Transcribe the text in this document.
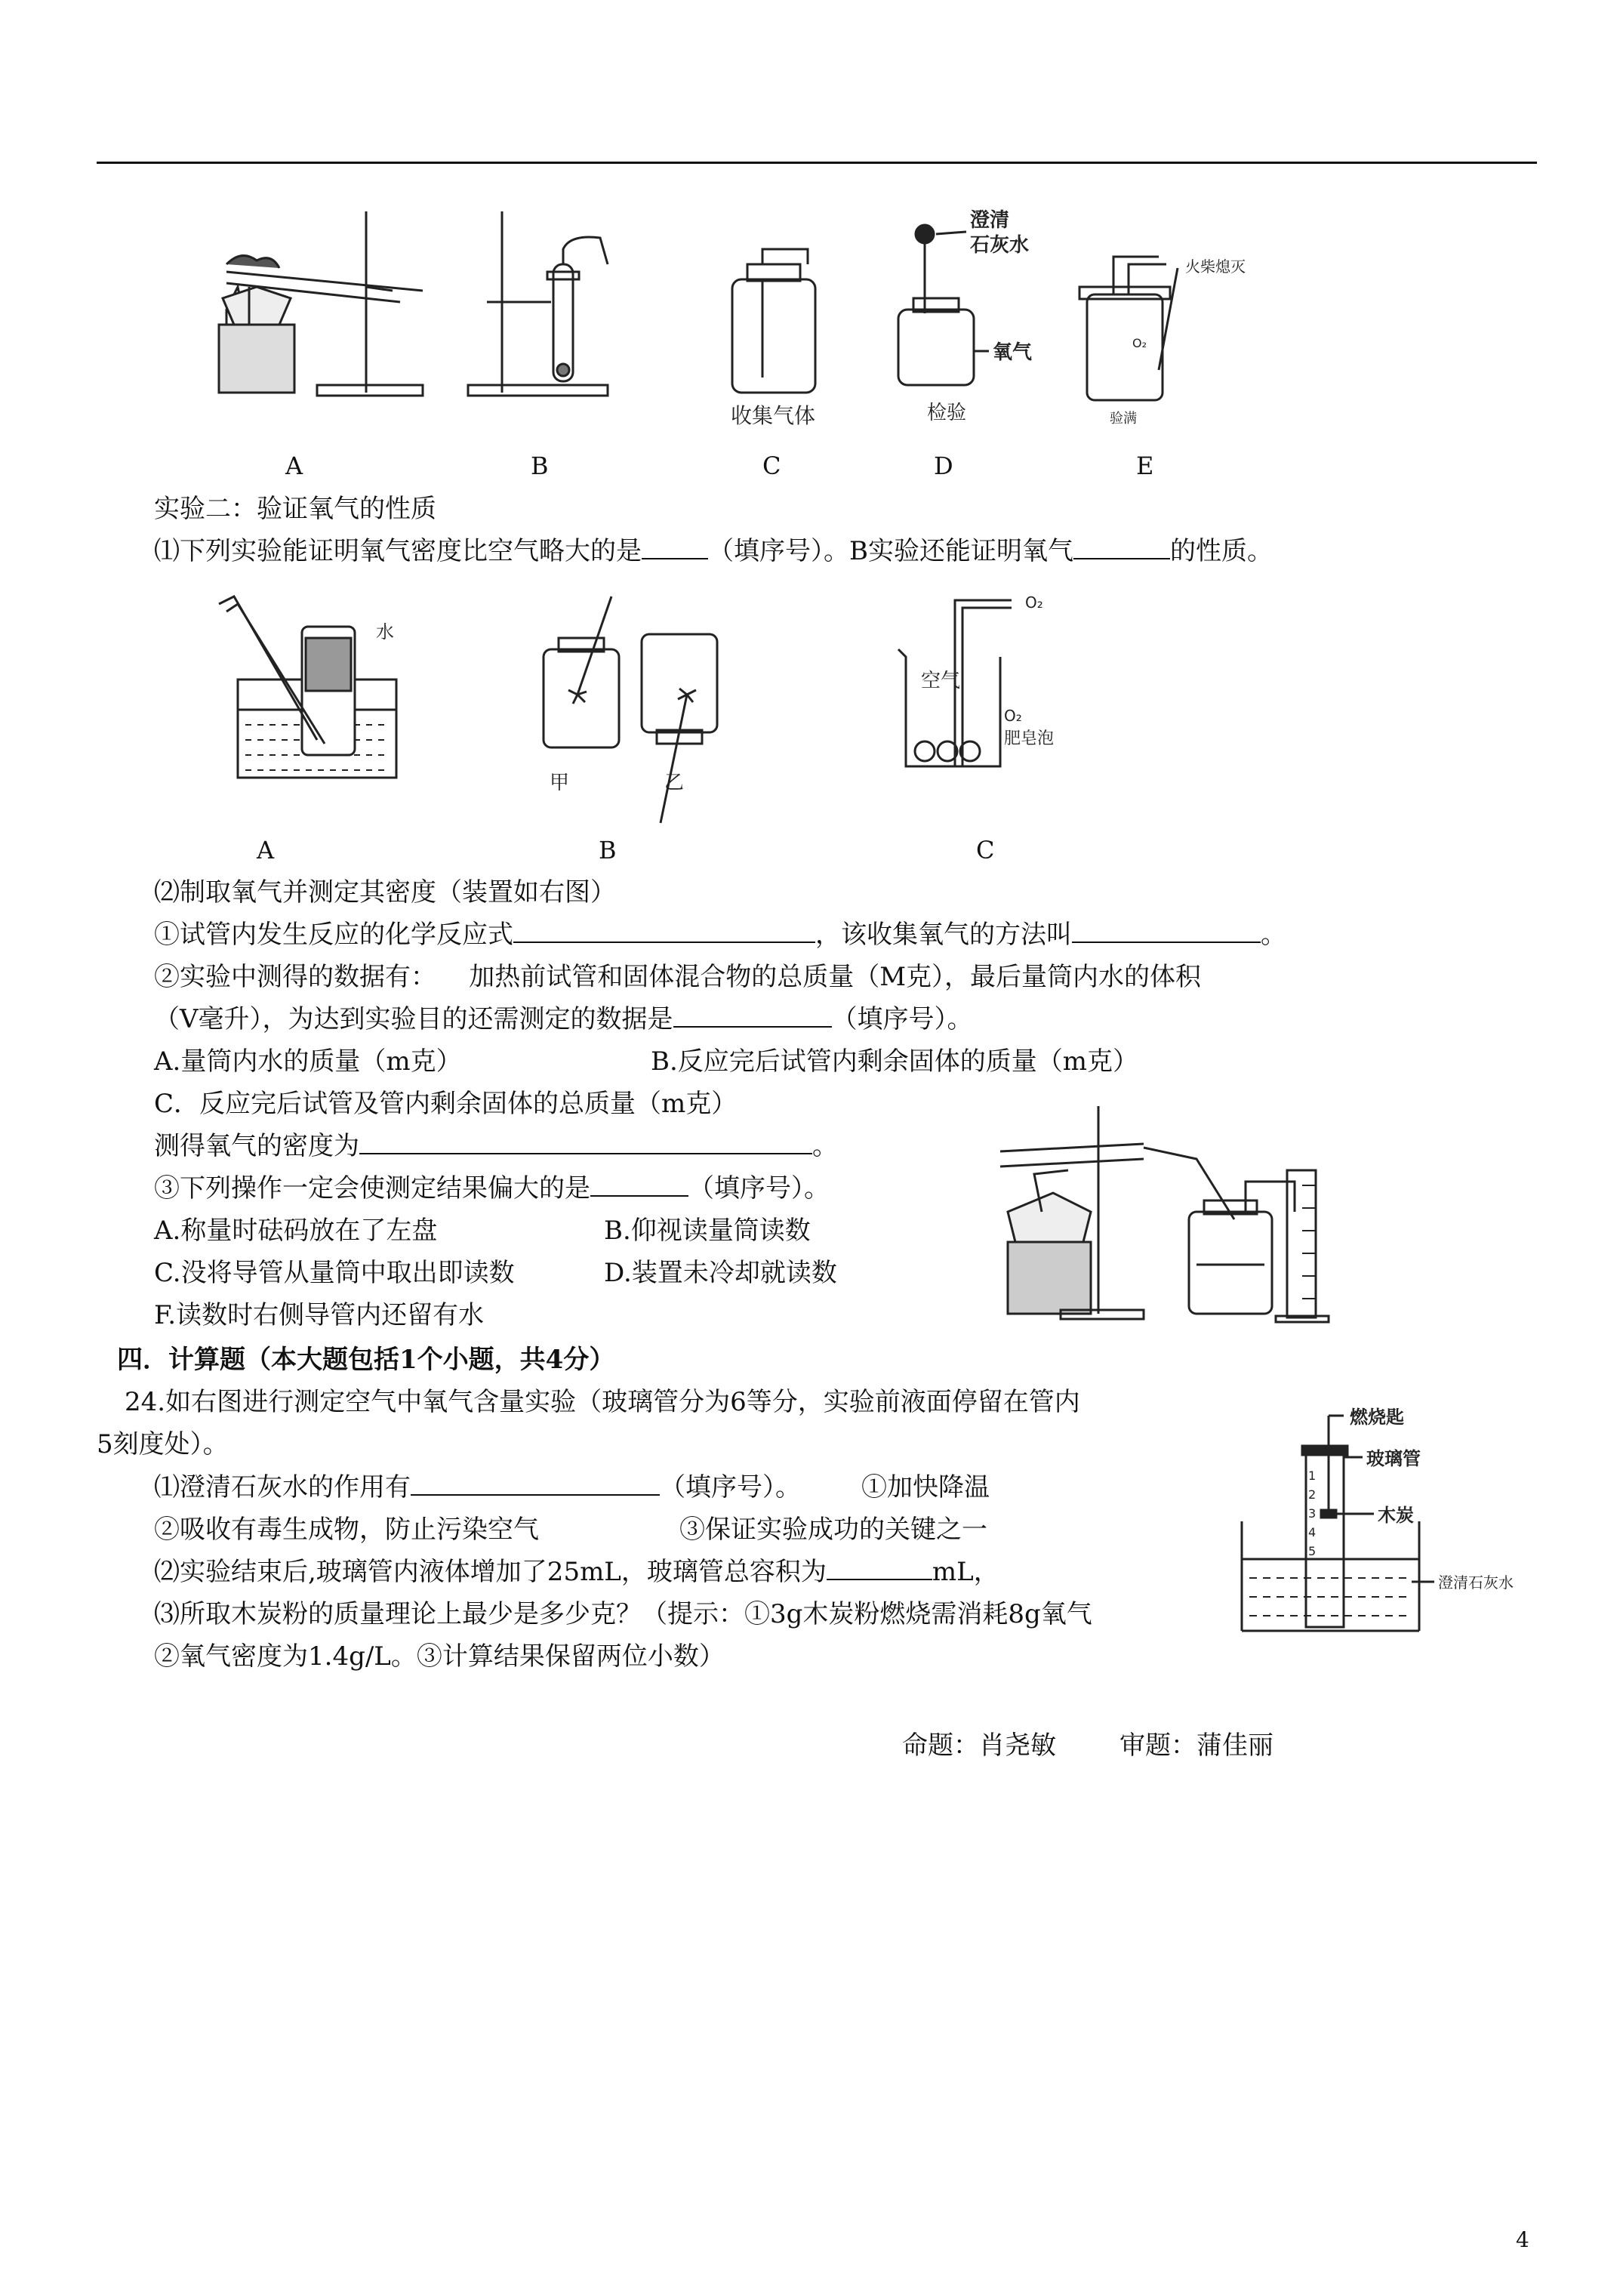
A	B
收集气体
C
澄清
石灰水
氧气
检验
D
火柴熄灭
O₂
验满
E
实验二：验证氧气的性质
⑴下列实验能证明氧气密度比空气略大的是	（填序号）。B实验还能证明氧气	的性质。
水
A
甲	乙
B
空气
O₂
O₂
肥皂泡
C
⑵制取氧气并测定其密度（装置如右图）
①试管内发生反应的化学反应式	，该收集氧气的方法叫	。
②实验中测得的数据有：    加热前试管和固体混合物的总质量（M克），最后量筒内水的体积
（V毫升），为达到实验目的还需测定的数据是	（填序号）。
A.量筒内水的质量（m克）	B.反应完后试管内剩余固体的质量（m克）
C．反应完后试管及管内剩余固体的总质量（m克）
测得氧气的密度为	。
③下列操作一定会使测定结果偏大的是	（填序号）。
A.称量时砝码放在了左盘	B.仰视读量筒读数
C.没将导管从量筒中取出即读数	D.装置未冷却就读数
F.读数时右侧导管内还留有水
四．计算题（本大题包括1个小题，共4分）
24.如右图进行测定空气中氧气含量实验（玻璃管分为6等分，实验前液面停留在管内
5刻度处）。
⑴澄清石灰水的作用有	（填序号）。 ①加快降温
②吸收有毒生成物，防止污染空气	③保证实验成功的关键之一
⑵实验结束后,玻璃管内液体增加了25mL，玻璃管总容积为	mL，
⑶所取木炭粉的质量理论上最少是多少克？（提示：①3g木炭粉燃烧需消耗8g氧气
②氧气密度为1.4g/L。③计算结果保留两位小数）
1
2
3
4
5
燃烧匙
玻璃管
木炭
澄清石灰水
命题：肖尧敏 审题：蒲佳丽
4
